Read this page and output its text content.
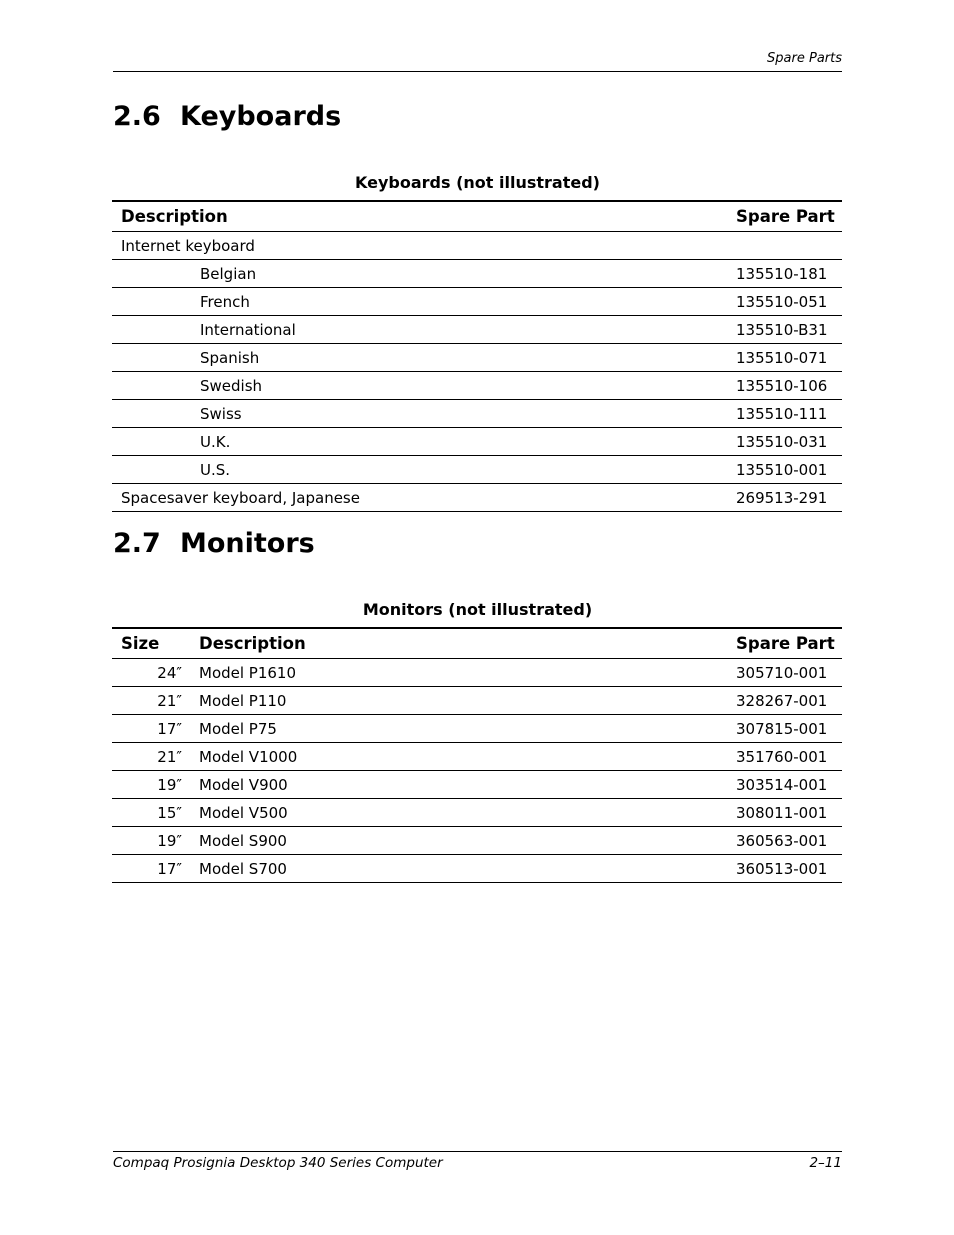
Spare Parts
2.6 Keyboards
Keyboards (not illustrated)
Description	Spare Part
Internet keyboard	
Belgian	135510-181
French	135510-051
International	135510-B31
Spanish	135510-071
Swedish	135510-106
Swiss	135510-111
U.K.	135510-031
U.S.	135510-001
Spacesaver keyboard, Japanese	269513-291
2.7 Monitors
Monitors (not illustrated)
Size	Description	Spare Part
24″	Model P1610	305710-001
21″	Model P110	328267-001
17″	Model P75	307815-001
21″	Model V1000	351760-001
19″	Model V900	303514-001
15″	Model V500	308011-001
19″	Model S900	360563-001
17″	Model S700	360513-001
Compaq Prosignia Desktop 340 Series Computer	2–11
